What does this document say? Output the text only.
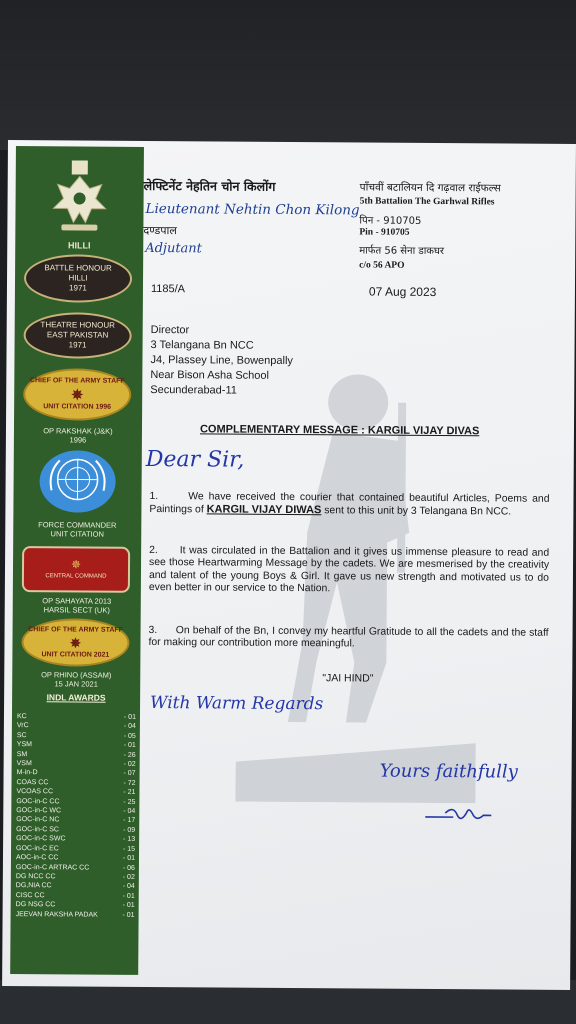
HILLI
BATTLE HONOUR
HILLI
1971
THEATRE HONOUR
EAST PAKISTAN
1971
CHIEF OF THE ARMY STAFF
✵
UNIT CITATION 1996
OP RAKSHAK (J&K)
1996
FORCE COMMANDER
UNIT CITATION
✵
CENTRAL COMMAND
OP SAHAYATA 2013
HARSIL SECT (UK)
CHIEF OF THE ARMY STAFF
✵
UNIT CITATION 2021
OP RHINO (ASSAM)
15 JAN 2021
INDL AWARDS
KC	- 01
VrC	- 04
SC	- 05
YSM	- 01
SM	- 26
VSM	- 02
M-in-D	- 07
COAS CC	- 72
VCOAS CC	- 21
GOC-in-C CC	- 25
GOC-in-C WC	- 04
GOC-in-C NC	- 17
GOC-in-C SC	- 09
GOC-in-C SWC	- 13
GOC-in-C EC	- 15
AOC-in-C CC	- 01
GOC-in-C ARTRAC CC	- 06
DG NCC CC	- 02
DG,NIA CC	- 04
CISC CC	- 01
DG NSG CC	- 01
JEEVAN RAKSHA PADAK	- 01
लेफ्टिनेंट नेहतिन चोन किलोंग
Lieutenant Nehtin Chon Kilong
दण्डपाल
Adjutant
पाँचवीं बटालियन दि गढ़वाल राईफल्स
5th Battalion The Garhwal Rifles
पिन - 910705
Pin - 910705
मार्फत 56 सेना डाकघर
c/o 56 APO
1185/A	07 Aug 2023
Director
3 Telangana Bn NCC
J4, Plassey Line, Bowenpally
Near Bison Asha School
Secunderabad-11
COMPLEMENTARY MESSAGE : KARGIL VIJAY DIVAS
Dear Sir,
1.	We have received the courier that contained beautiful Articles, Poems and Paintings of KARGIL VIJAY DIWAS sent to this unit by 3 Telangana Bn NCC.
2. It was circulated in the Battalion and it gives us immense pleasure to read and see those Heartwarming Message by the cadets. We are mesmerised by the creativity and talent of the young Boys & Girl. It gave us new strength and motivated us to do even better in our service to the Nation.
3. On behalf of the Bn, I convey my heartful Gratitude to all the cadets and the staff for making our contribution more meaningful.
"JAI HIND"
With Warm Regards
Yours faithfully
